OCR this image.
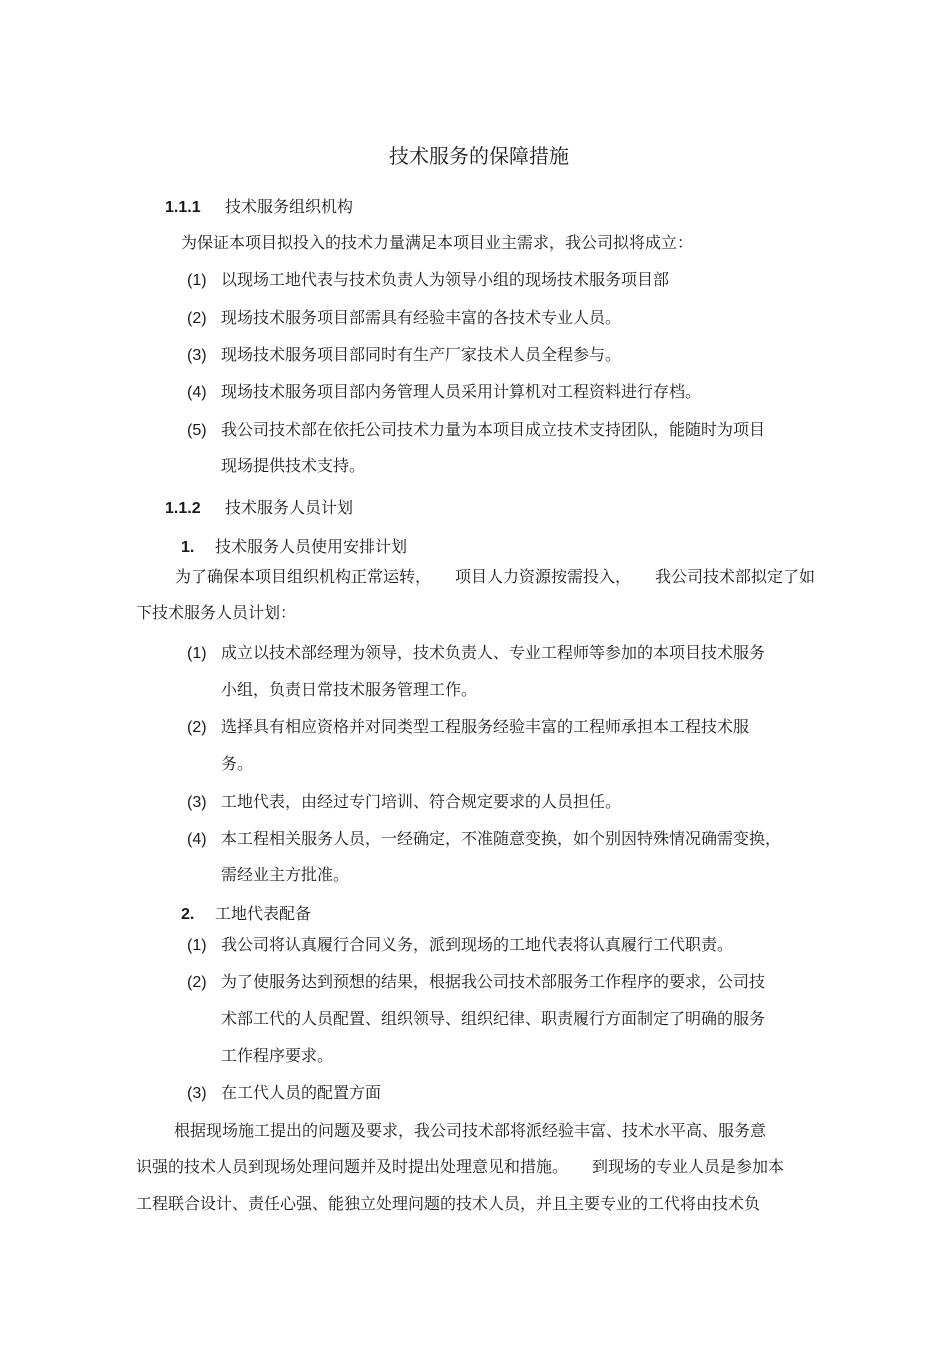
技术服务的保障措施
1.1.1 技术服务组织机构
为保证本项目拟投入的技术力量满足本项目业主需求，我公司拟将成立：
(1) 以现场工地代表与技术负责人为领导小组的现场技术服务项目部
(2) 现场技术服务项目部需具有经验丰富的各技术专业人员。
(3) 现场技术服务项目部同时有生产厂家技术人员全程参与。
(4) 现场技术服务项目部内务管理人员采用计算机对工程资料进行存档。
(5) 我公司技术部在依托公司技术力量为本项目成立技术支持团队，能随时为项目
现场提供技术支持。
1.1.2 技术服务人员计划
1. 技术服务人员使用安排计划
为了确保本项目组织机构正常运转，　　项目人力资源按需投入，　　我公司技术部拟定了如
下技术服务人员计划：
(1) 成立以技术部经理为领导，技术负责人、专业工程师等参加的本项目技术服务
小组，负责日常技术服务管理工作。
(2) 选择具有相应资格并对同类型工程服务经验丰富的工程师承担本工程技术服
务。
(3) 工地代表，由经过专门培训、符合规定要求的人员担任。
(4) 本工程相关服务人员，一经确定，不准随意变换，如个别因特殊情况确需变换，
需经业主方批准。
2. 工地代表配备
(1) 我公司将认真履行合同义务，派到现场的工地代表将认真履行工代职责。
(2) 为了使服务达到预想的结果，根据我公司技术部服务工作程序的要求，公司技
术部工代的人员配置、组织领导、组织纪律、职责履行方面制定了明确的服务
工作程序要求。
(3) 在工代人员的配置方面
根据现场施工提出的问题及要求，我公司技术部将派经验丰富、技术水平高、服务意
识强的技术人员到现场处理问题并及时提出处理意见和措施。　　到现场的专业人员是参加本
工程联合设计、责任心强、能独立处理问题的技术人员，并且主要专业的工代将由技术负
